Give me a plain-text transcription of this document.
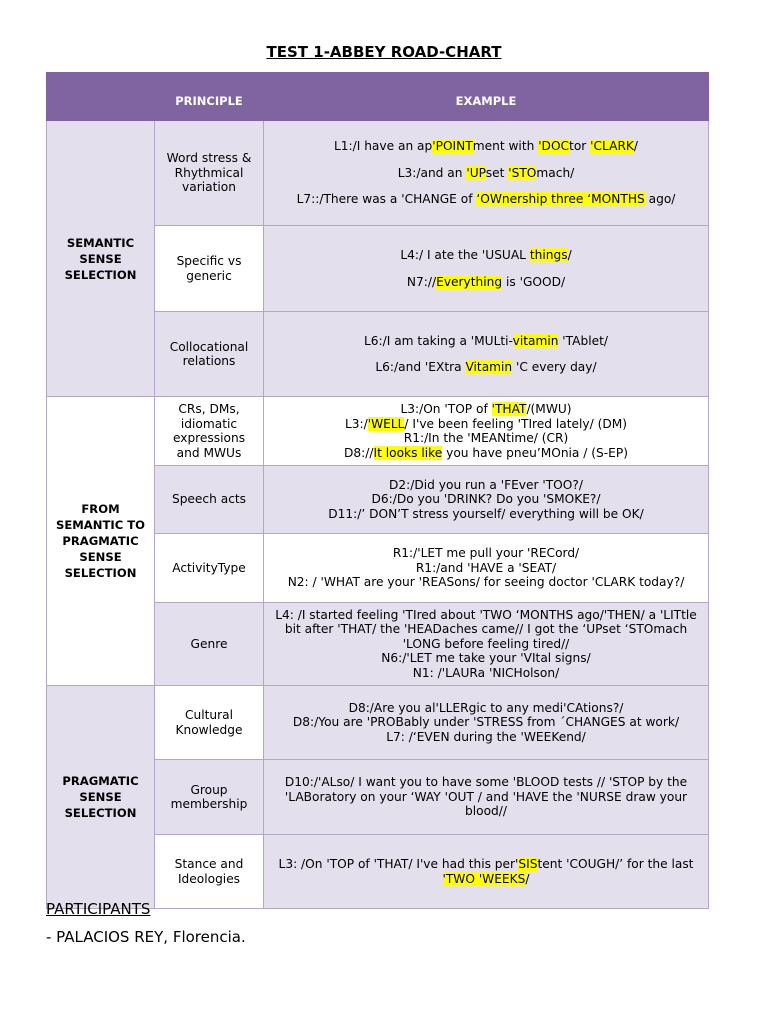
TEST 1-ABBEY ROAD-CHART
	PRINCIPLE	EXAMPLE
SEMANTIC SENSE SELECTION	Word stress & Rhythmical variation	L1:/I have an ap'POINTment with 'DOCtor 'CLARK/

L3:/and an 'UPset 'STOmach/

L7::/There was a 'CHANGE of ‘OWnership three ‘MONTHS ago/

	Specific vs generic	L4:/ I ate the 'USUAL things/

N7://Everything is 'GOOD/

	Collocational relations	L6:/I am taking a 'MULti-vitamin 'TAblet/

L6:/and 'EXtra Vitamin 'C every day/

FROM SEMANTIC TO PRAGMATIC SENSE SELECTION	CRs, DMs, idiomatic expressions and MWUs	L3:/On 'TOP of 'THAT/(MWU)

L3:/'WELL/ I've been feeling 'TIred lately/ (DM)

R1:/In the 'MEANtime/ (CR)

D8://It looks like you have pneu’MOnia / (S-EP)

	Speech acts	D2:/Did you run a 'FEver 'TOO?/

D6:/Do you 'DRINK? Do you 'SMOKE?/

D11:/’ DON’T stress yourself/ everything will be OK/

	ActivityType	R1:/'LET me pull your 'RECord/

R1:/and 'HAVE a 'SEAT/

N2: / 'WHAT are your 'REASons/ for seeing doctor 'CLARK today?/

	Genre	L4: /I started feeling 'TIred about 'TWO ‘MONTHS ago/'THEN/ a 'LITtle bit after 'THAT/ the 'HEADaches came// I got the ‘UPset ‘STOmach 'LONG before feeling tired//

N6:/'LET me take your 'VItal signs/

N1: /'LAURa 'NICHolson/

PRAGMATIC SENSE SELECTION	Cultural Knowledge	D8:/Are you al'LLERgic to any medi'CAtions?/

D8:/You are 'PROBably under 'STRESS from ´CHANGES at work/

L7: /‘EVEN during the 'WEEKend/

	Group membership	D10:/'ALso/ I want you to have some 'BLOOD tests // 'STOP by the 'LABoratory on your ‘WAY 'OUT / and 'HAVE the 'NURSE draw your blood//

	Stance and Ideologies	L3: /On 'TOP of 'THAT/ I've had this per'SIStent 'COUGH/’ for the last 'TWO 'WEEKS/

PARTICIPANTS
- PALACIOS REY, Florencia.
